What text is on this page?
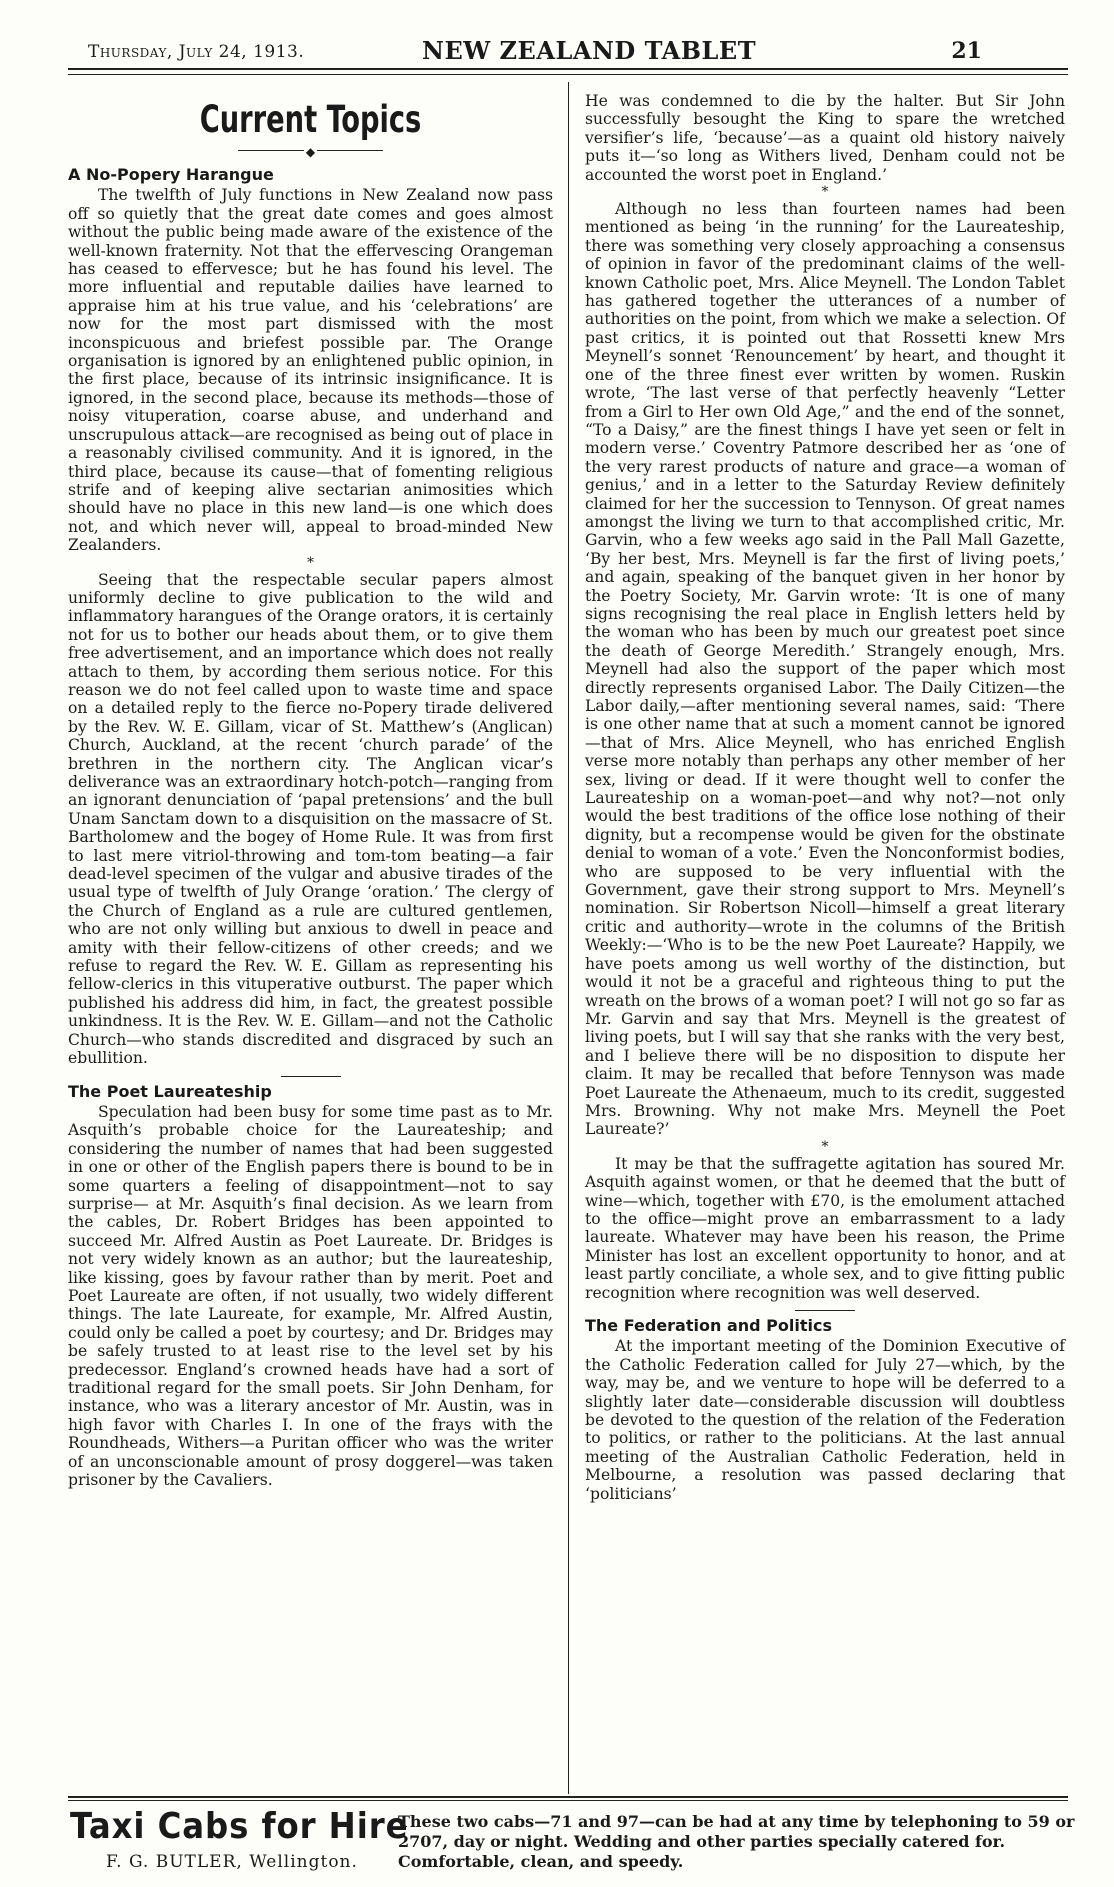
Thursday, July 24, 1913.	NEW ZEALAND TABLET	21
Current Topics
◆
A No-Popery Harangue

The twelfth of July functions in New Zealand now pass off so quietly that the great date comes and goes almost without the public being made aware of the existence of the well-known fraternity. Not that the effervescing Orangeman has ceased to effervesce; but he has found his level. The more influential and reputable dailies have learned to appraise him at his true value, and his ‘celebrations’ are now for the most part dismissed with the most inconspicuous and briefest possible par. The Orange organisation is ignored by an enlightened public opinion, in the first place, because of its intrinsic insignificance. It is ignored, in the second place, because its methods—those of noisy vituperation, coarse abuse, and underhand and unscrupulous attack—are recognised as being out of place in a reasonably civilised community. And it is ignored, in the third place, because its cause—that of fomenting religious strife and of keeping alive sectarian animosities which should have no place in this new land—is one which does not, and which never will, appeal to broad-minded New Zealanders.

*

Seeing that the respectable secular papers almost uniformly decline to give publication to the wild and inflammatory harangues of the Orange orators, it is certainly not for us to bother our heads about them, or to give them free advertisement, and an importance which does not really attach to them, by according them serious notice. For this reason we do not feel called upon to waste time and space on a detailed reply to the fierce no-Popery tirade delivered by the Rev. W. E. Gillam, vicar of St. Matthew’s (Anglican) Church, Auckland, at the recent ‘church parade’ of the brethren in the northern city. The Anglican vicar’s deliverance was an extraordinary hotch-potch—ranging from an ignorant denunciation of ‘papal pretensions’ and the bull Unam Sanctam down to a disquisition on the massacre of St. Bartholomew and the bogey of Home Rule. It was from first to last mere vitriol-throwing and tom-tom beating—a fair dead-level specimen of the vulgar and abusive tirades of the usual type of twelfth of July Orange ‘oration.’ The clergy of the Church of England as a rule are cultured gentlemen, who are not only willing but anxious to dwell in peace and amity with their fellow-citizens of other creeds; and we refuse to regard the Rev. W. E. Gillam as representing his fellow-clerics in this vituperative outburst. The paper which published his address did him, in fact, the greatest possible unkindness. It is the Rev. W. E. Gillam—and not the Catholic Church—who stands discredited and disgraced by such an ebullition.

The Poet Laureateship

Speculation had been busy for some time past as to Mr. Asquith’s probable choice for the Laureateship; and considering the number of names that had been suggested in one or other of the English papers there is bound to be in some quarters a feeling of disappointment—not to say surprise— at Mr. Asquith’s final decision. As we learn from the cables, Dr. Robert Bridges has been appointed to succeed Mr. Alfred Austin as Poet Laureate. Dr. Bridges is not very widely known as an author; but the laureateship, like kissing, goes by favour rather than by merit. Poet and Poet Laureate are often, if not usually, two widely different things. The late Laureate, for example, Mr. Alfred Austin, could only be called a poet by courtesy; and Dr. Bridges may be safely trusted to at least rise to the level set by his predecessor. England’s crowned heads have had a sort of traditional regard for the small poets. Sir John Denham, for instance, who was a literary ancestor of Mr. Austin, was in high favor with Charles I. In one of the frays with the Roundheads, Withers—a Puritan officer who was the writer of an unconscionable amount of prosy doggerel—was taken prisoner by the Cavaliers.

He was condemned to die by the halter. But Sir John successfully besought the King to spare the wretched versifier’s life, ‘because’—as a quaint old history naively puts it—‘so long as Withers lived, Denham could not be accounted the worst poet in England.’

*

Although no less than fourteen names had been mentioned as being ‘in the running’ for the Laureateship, there was something very closely approaching a consensus of opinion in favor of the predominant claims of the well-known Catholic poet, Mrs. Alice Meynell. The London Tablet has gathered together the utterances of a number of authorities on the point, from which we make a selection. Of past critics, it is pointed out that Rossetti knew Mrs Meynell’s sonnet ‘Renouncement’ by heart, and thought it one of the three finest ever written by women. Ruskin wrote, ‘The last verse of that perfectly heavenly “Letter from a Girl to Her own Old Age,” and the end of the sonnet, “To a Daisy,” are the finest things I have yet seen or felt in modern verse.’ Coventry Patmore described her as ‘one of the very rarest products of nature and grace—a woman of genius,’ and in a letter to the Saturday Review definitely claimed for her the succession to Tennyson. Of great names amongst the living we turn to that accomplished critic, Mr. Garvin, who a few weeks ago said in the Pall Mall Gazette, ‘By her best, Mrs. Meynell is far the first of living poets,’ and again, speaking of the banquet given in her honor by the Poetry Society, Mr. Garvin wrote: ‘It is one of many signs recognising the real place in English letters held by the woman who has been by much our greatest poet since the death of George Meredith.’ Strangely enough, Mrs. Meynell had also the support of the paper which most directly represents organised Labor. The Daily Citizen—the Labor daily,—after mentioning several names, said: ‘There is one other name that at such a moment cannot be ignored—that of Mrs. Alice Meynell, who has enriched English verse more notably than perhaps any other member of her sex, living or dead. If it were thought well to confer the Laureateship on a woman-poet—and why not?—not only would the best traditions of the office lose nothing of their dignity, but a recompense would be given for the obstinate denial to woman of a vote.’ Even the Nonconformist bodies, who are supposed to be very influential with the Government, gave their strong support to Mrs. Meynell’s nomination. Sir Robertson Nicoll—himself a great literary critic and authority—wrote in the columns of the British Weekly:—‘Who is to be the new Poet Laureate? Happily, we have poets among us well worthy of the distinction, but would it not be a graceful and righteous thing to put the wreath on the brows of a woman poet? I will not go so far as Mr. Garvin and say that Mrs. Meynell is the greatest of living poets, but I will say that she ranks with the very best, and I believe there will be no disposition to dispute her claim. It may be recalled that before Tennyson was made Poet Laureate the Athenaeum, much to its credit, suggested Mrs. Browning. Why not make Mrs. Meynell the Poet Laureate?’

*

It may be that the suffragette agitation has soured Mr. Asquith against women, or that he deemed that the butt of wine—which, together with £70, is the emolument attached to the office—might prove an embarrassment to a lady laureate. Whatever may have been his reason, the Prime Minister has lost an excellent opportunity to honor, and at least partly conciliate, a whole sex, and to give fitting public recognition where recognition was well deserved.

The Federation and Politics

At the important meeting of the Dominion Executive of the Catholic Federation called for July 27—which, by the way, may be, and we venture to hope will be deferred to a slightly later date—considerable discussion will doubtless be devoted to the question of the relation of the Federation to politics, or rather to the politicians. At the last annual meeting of the Australian Catholic Federation, held in Melbourne, a resolution was passed declaring that ‘politicians’

Taxi Cabs for Hire
F. G. BUTLER, Wellington.
These two cabs—71 and 97—can be had at any time by telephoning to 59 or 2707, day or night. Wedding and other parties specially catered for. Comfortable, clean, and speedy.
